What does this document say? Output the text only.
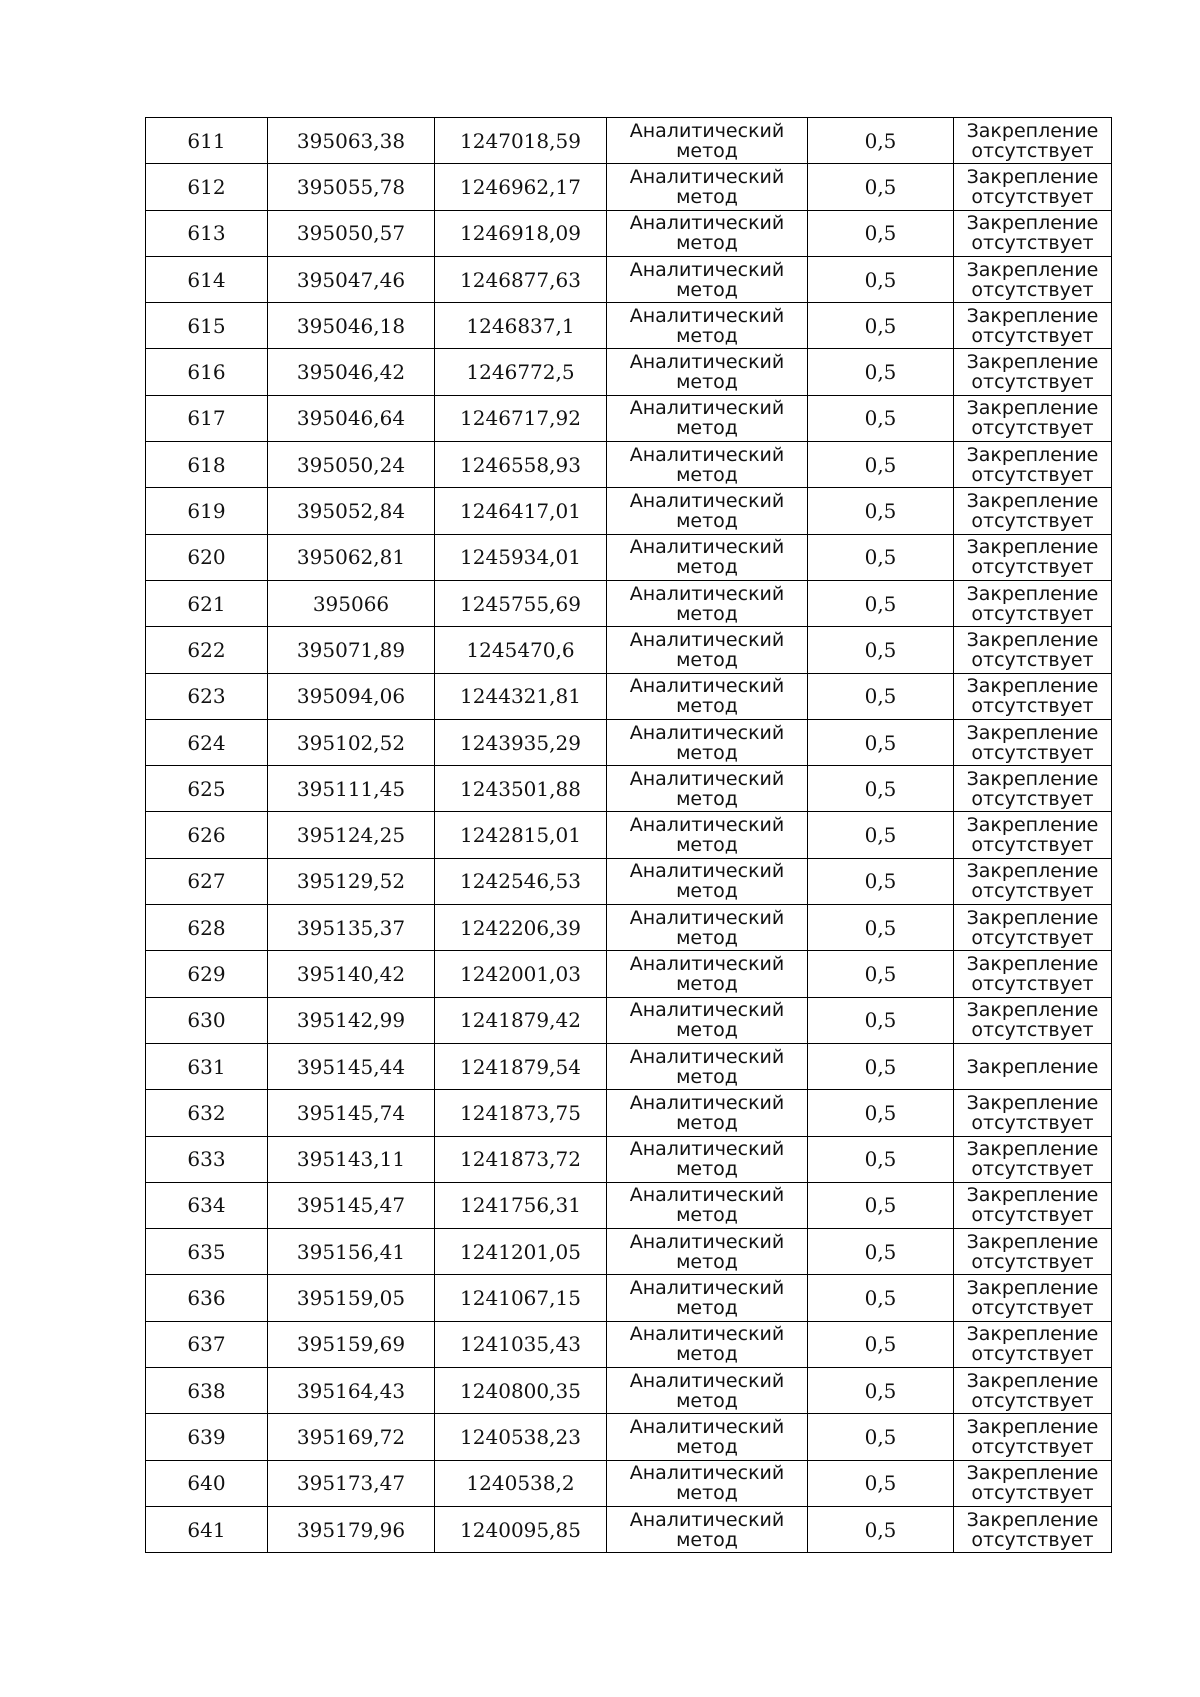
611	395063,38	1247018,59	Аналитический
метод	0,5	Закрепление
отсутствует

612	395055,78	1246962,17	Аналитический
метод	0,5	Закрепление
отсутствует

613	395050,57	1246918,09	Аналитический
метод	0,5	Закрепление
отсутствует

614	395047,46	1246877,63	Аналитический
метод	0,5	Закрепление
отсутствует

615	395046,18	1246837,1	Аналитический
метод	0,5	Закрепление
отсутствует

616	395046,42	1246772,5	Аналитический
метод	0,5	Закрепление
отсутствует

617	395046,64	1246717,92	Аналитический
метод	0,5	Закрепление
отсутствует

618	395050,24	1246558,93	Аналитический
метод	0,5	Закрепление
отсутствует

619	395052,84	1246417,01	Аналитический
метод	0,5	Закрепление
отсутствует

620	395062,81	1245934,01	Аналитический
метод	0,5	Закрепление
отсутствует

621	395066	1245755,69	Аналитический
метод	0,5	Закрепление
отсутствует

622	395071,89	1245470,6	Аналитический
метод	0,5	Закрепление
отсутствует

623	395094,06	1244321,81	Аналитический
метод	0,5	Закрепление
отсутствует

624	395102,52	1243935,29	Аналитический
метод	0,5	Закрепление
отсутствует

625	395111,45	1243501,88	Аналитический
метод	0,5	Закрепление
отсутствует

626	395124,25	1242815,01	Аналитический
метод	0,5	Закрепление
отсутствует

627	395129,52	1242546,53	Аналитический
метод	0,5	Закрепление
отсутствует

628	395135,37	1242206,39	Аналитический
метод	0,5	Закрепление
отсутствует

629	395140,42	1242001,03	Аналитический
метод	0,5	Закрепление
отсутствует

630	395142,99	1241879,42	Аналитический
метод	0,5	Закрепление
отсутствует

631	395145,44	1241879,54	Аналитический
метод	0,5	Закрепление

632	395145,74	1241873,75	Аналитический
метод	0,5	Закрепление
отсутствует

633	395143,11	1241873,72	Аналитический
метод	0,5	Закрепление
отсутствует

634	395145,47	1241756,31	Аналитический
метод	0,5	Закрепление
отсутствует

635	395156,41	1241201,05	Аналитический
метод	0,5	Закрепление
отсутствует

636	395159,05	1241067,15	Аналитический
метод	0,5	Закрепление
отсутствует

637	395159,69	1241035,43	Аналитический
метод	0,5	Закрепление
отсутствует

638	395164,43	1240800,35	Аналитический
метод	0,5	Закрепление
отсутствует

639	395169,72	1240538,23	Аналитический
метод	0,5	Закрепление
отсутствует

640	395173,47	1240538,2	Аналитический
метод	0,5	Закрепление
отсутствует

641	395179,96	1240095,85	Аналитический
метод	0,5	Закрепление
отсутствует
